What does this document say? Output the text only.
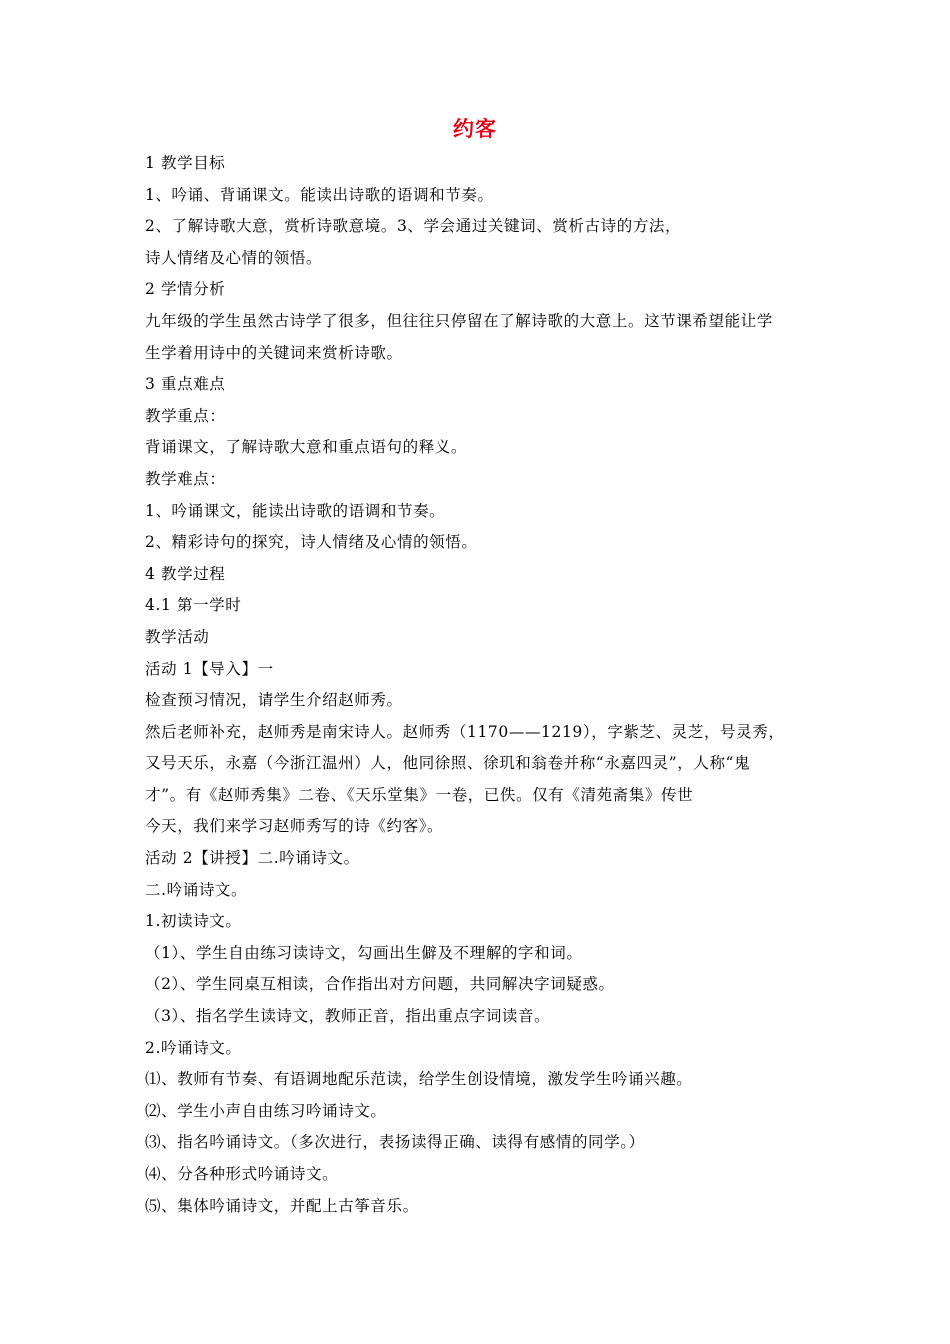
约客
1 教学目标
1、吟诵、背诵课文。能读出诗歌的语调和节奏。
2、了解诗歌大意，赏析诗歌意境。3、学会通过关键词、赏析古诗的方法，
诗人情绪及心情的领悟。
2 学情分析
九年级的学生虽然古诗学了很多，但往往只停留在了解诗歌的大意上。这节课希望能让学
生学着用诗中的关键词来赏析诗歌。
3 重点难点
教学重点：
背诵课文，了解诗歌大意和重点语句的释义。
教学难点：
1、吟诵课文，能读出诗歌的语调和节奏。
2、精彩诗句的探究，诗人情绪及心情的领悟。
4 教学过程
4.1 第一学时
教学活动
活动 1【导入】一
检查预习情况，请学生介绍赵师秀。
然后老师补充，赵师秀是南宋诗人。赵师秀（1170——1219），字紫芝、灵芝，号灵秀，
又号天乐，永嘉（今浙江温州）人，他同徐照、徐玑和翁卷并称“永嘉四灵”，人称“鬼
才”。有《赵师秀集》二卷、《天乐堂集》一卷，已佚。仅有《清苑斋集》传世
今天，我们来学习赵师秀写的诗《约客》。
活动 2【讲授】二.吟诵诗文。
二.吟诵诗文。
1.初读诗文。
（1）、学生自由练习读诗文，勾画出生僻及不理解的字和词。
（2）、学生同桌互相读，合作指出对方问题，共同解决字词疑惑。
（3）、指名学生读诗文，教师正音，指出重点字词读音。
2.吟诵诗文。
⑴、教师有节奏、有语调地配乐范读，给学生创设情境，激发学生吟诵兴趣。
⑵、学生小声自由练习吟诵诗文。
⑶、指名吟诵诗文。（多次进行，表扬读得正确、读得有感情的同学。）
⑷、分各种形式吟诵诗文。
⑸、集体吟诵诗文，并配上古筝音乐。
